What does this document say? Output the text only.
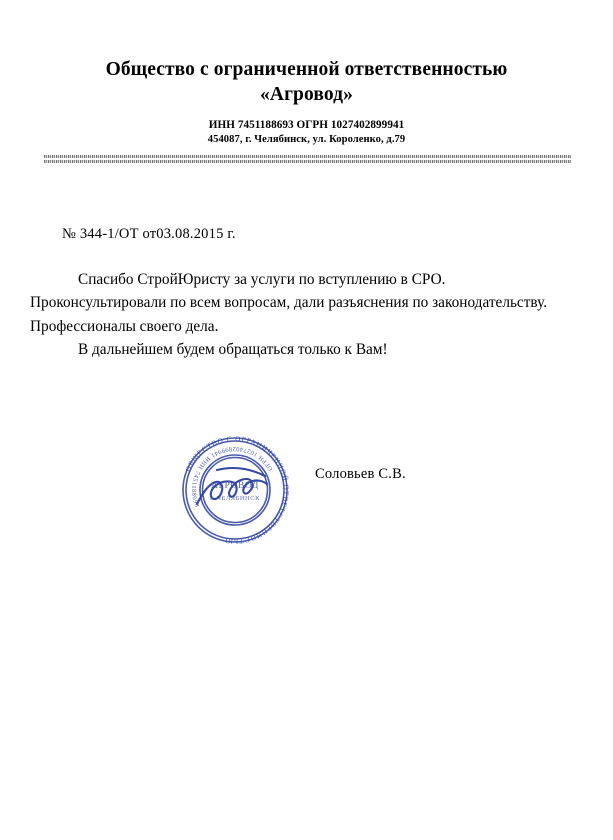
Общество с ограниченной ответственностью
«Агровод»
ИНН 7451188693 ОГРН 1027402899941
454087, г. Челябинск, ул. Короленко, д.79
№ 344-1/ОТ от03.08.2015 г.

Спасибо СтройЮристу за услуги по вступлению в СРО.

Проконсультировали по всем вопросам, дали разъяснения по законодательству.

Профессионалы своего дела.

В дальнейшем будем обращаться только к Вам!

ОБЩЕСТВО С ОГРАНИЧЕННОЙ ОТВЕТСТВЕННОСТЬЮ
ОГРН 1027402899941 ИНН 7451188693
АГРОВОД
г. ЧЕЛЯБИНСК
Соловьев С.В.
